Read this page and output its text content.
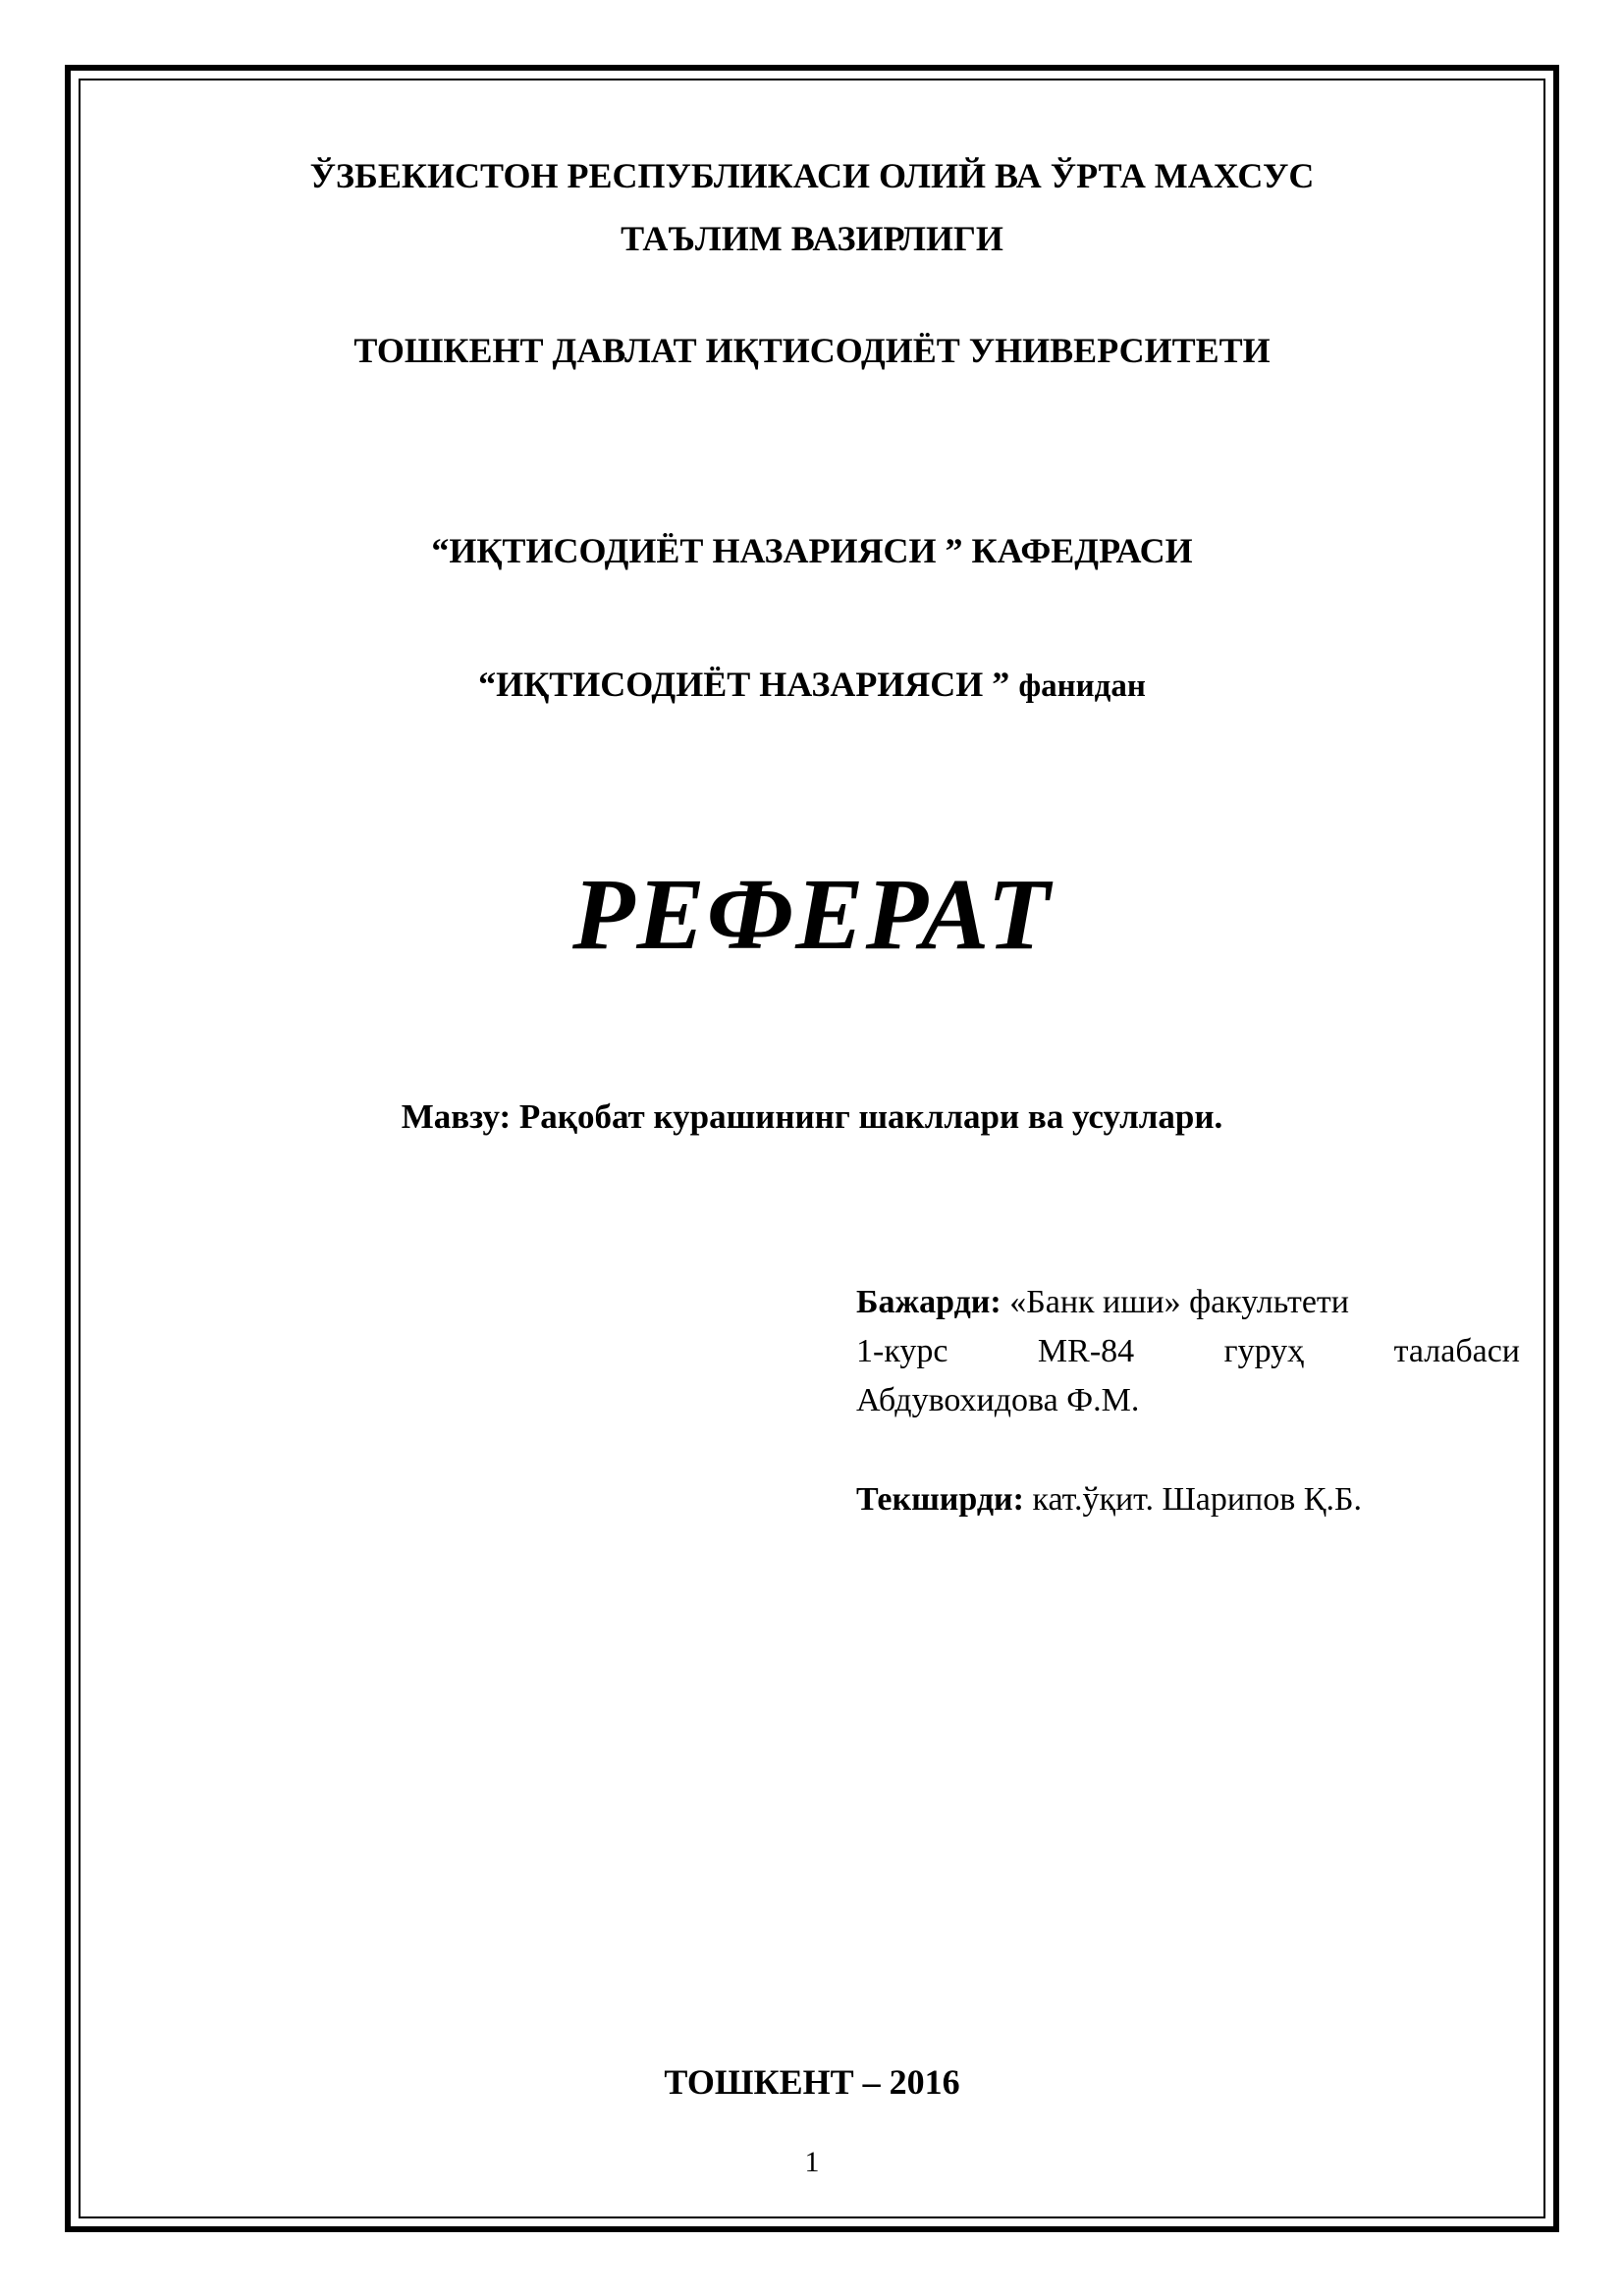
ЎЗБЕКИСТОН РЕСПУБЛИКАСИ ОЛИЙ ВА ЎРТА МАХСУС
ТАЪЛИМ ВАЗИРЛИГИ
ТОШКЕНТ ДАВЛАТ ИҚТИСОДИЁТ УНИВЕРСИТЕТИ
“ИҚТИСОДИЁТ НАЗАРИЯСИ ” КАФЕДРАСИ
“ИҚТИСОДИЁТ НАЗАРИЯСИ ” фанидан
РЕФЕРАТ
Мавзу: Рақобат курашининг шакллари ва усуллари.
Бажарди: «Банк иши» факультети
1-курс	MR-84	гуруҳ	талабаси
Абдувохидова Ф.М.
Текширди: кат.ўқит. Шарипов Қ.Б.
ТОШКЕНТ – 2016
1
